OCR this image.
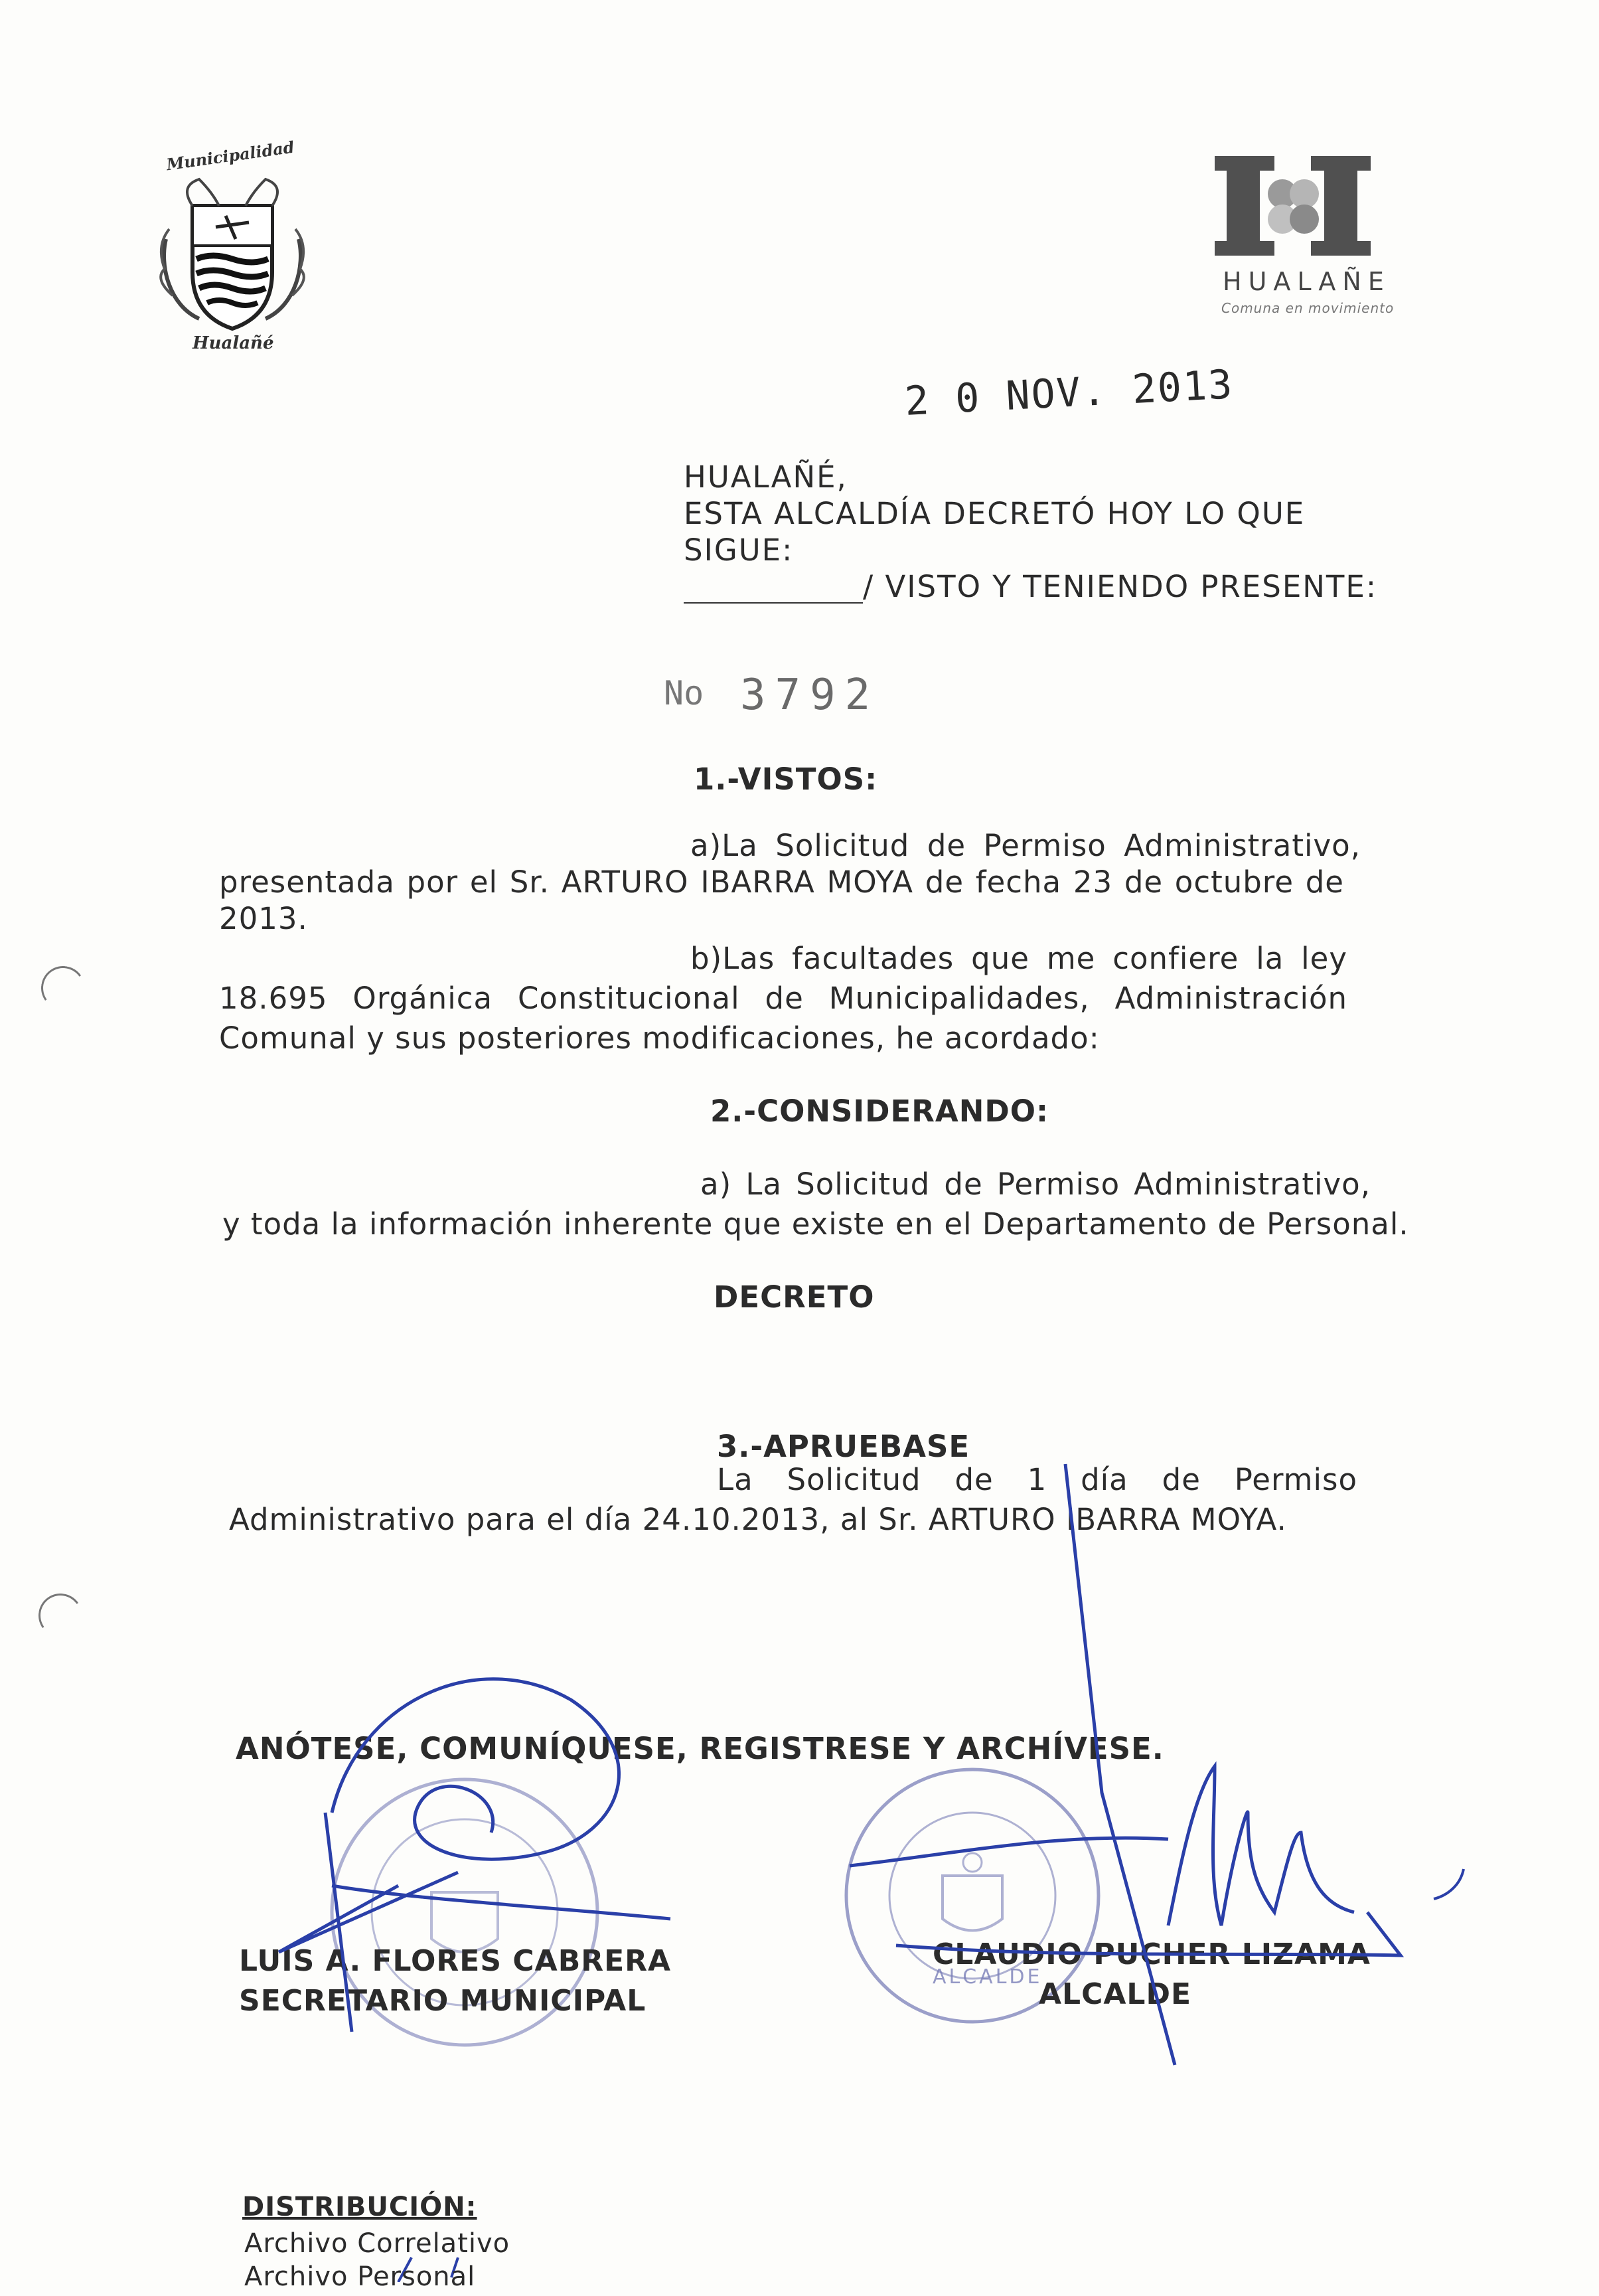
Municipalidad
Hualañé
HUALAÑE
Comuna en movimiento
2 0 NOV. 2013
HUALAÑÉ,
ESTA ALCALDÍA DECRETÓ HOY LO QUE
SIGUE:
/ VISTO Y TENIENDO PRESENTE:
No 3792
1.-VISTOS:
a)La Solicitud de Permiso Administrativo,
presentada por el Sr. ARTURO IBARRA MOYA de fecha 23 de octubre de
2013.
b)Las facultades que me confiere la ley
18.695 Orgánica Constitucional de Municipalidades, Administración
Comunal y sus posteriores modificaciones, he acordado:
2.-CONSIDERANDO:
a) La Solicitud de Permiso Administrativo,
y toda la información inherente que existe en el Departamento de Personal.
DECRETO
3.-APRUEBASE
La Solicitud de 1 día de Permiso
Administrativo para el día 24.10.2013, al Sr. ARTURO IBARRA MOYA.
ANÓTESE, COMUNÍQUESE, REGISTRESE Y ARCHÍVESE.
ALCALDE
LUIS A. FLORES CABRERA
SECRETARIO MUNICIPAL
CLAUDIO PUCHER LIZAMA
ALCALDE
DISTRIBUCIÓN:
Archivo Correlativo
Archivo Personal
